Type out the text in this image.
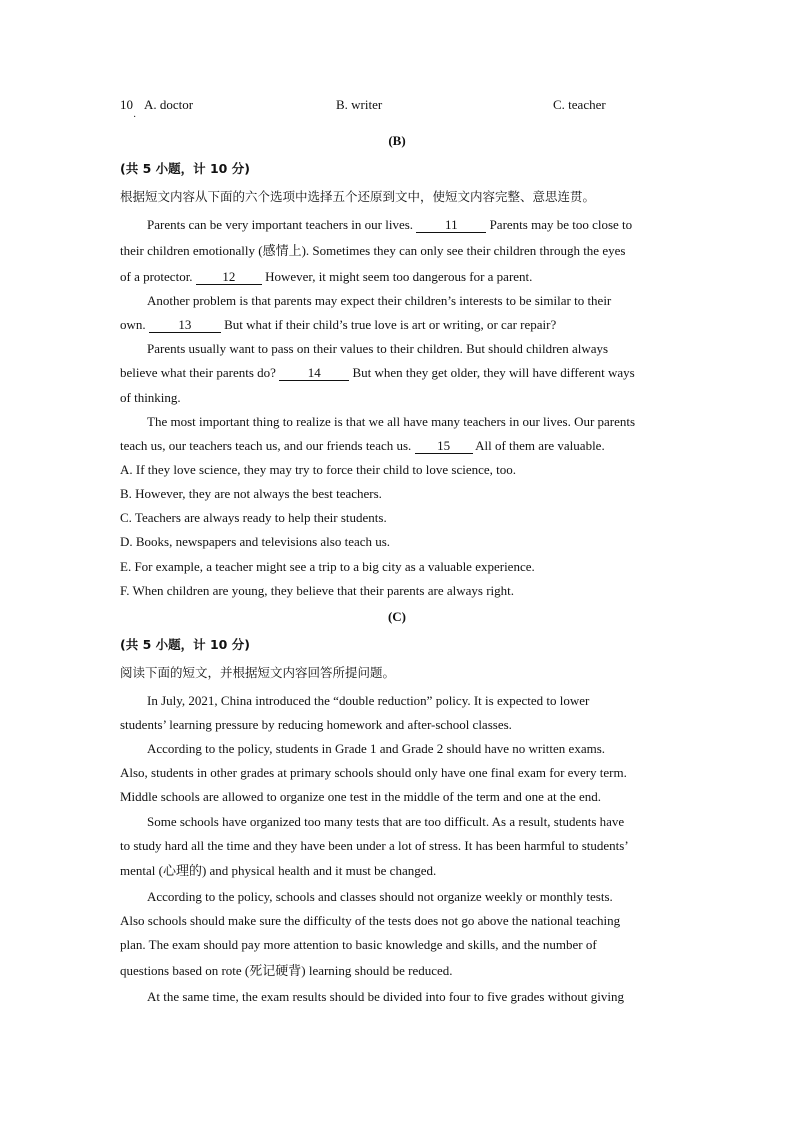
10
·
A. doctor	B. writer	C. teacher
(B)
(共 5 小题，计 10 分)
根据短文内容从下面的六个选项中选择五个还原到文中，使短文内容完整、意思连贯。
Parents can be very important teachers in our lives. 11 Parents may be too close to
their children emotionally (感情上). Sometimes they can only see their children through the eyes
of a protector. 12 However, it might seem too dangerous for a parent.
Another problem is that parents may expect their children’s interests to be similar to their
own.	13	But what if their child’s true love is art or writing, or car repair?
Parents usually want to pass on their values to their children. But should children always
believe what their parents do? 14 But when they get older, they will have different ways
of thinking.
The most important thing to realize is that we all have many teachers in our lives. Our parents
teach us, our teachers teach us, and our friends teach us. 15 All of them are valuable.
A. If they love science, they may try to force their child to love science, too.
B. However, they are not always the best teachers.
C. Teachers are always ready to help their students.
D. Books, newspapers and televisions also teach us.
E. For example, a teacher might see a trip to a big city as a valuable experience.
F. When children are young, they believe that their parents are always right.
(C)
(共 5 小题，计 10 分)
阅读下面的短文，并根据短文内容回答所提问题。
In July, 2021, China introduced the “double reduction” policy. It is expected to lower
students’ learning pressure by reducing homework and after-school classes.
According to the policy, students in Grade 1 and Grade 2 should have no written exams.
Also, students in other grades at primary schools should only have one final exam for every term.
Middle schools are allowed to organize one test in the middle of the term and one at the end.
Some schools have organized too many tests that are too difficult. As a result, students have
to study hard all the time and they have been under a lot of stress. It has been harmful to students’
mental (心理的) and physical health and it must be changed.
According to the policy, schools and classes should not organize weekly or monthly tests.
Also schools should make sure the difficulty of the tests does not go above the national teaching
plan. The exam should pay more attention to basic knowledge and skills, and the number of
questions based on rote (死记硬背) learning should be reduced.
At the same time, the exam results should be divided into four to five grades without giving
